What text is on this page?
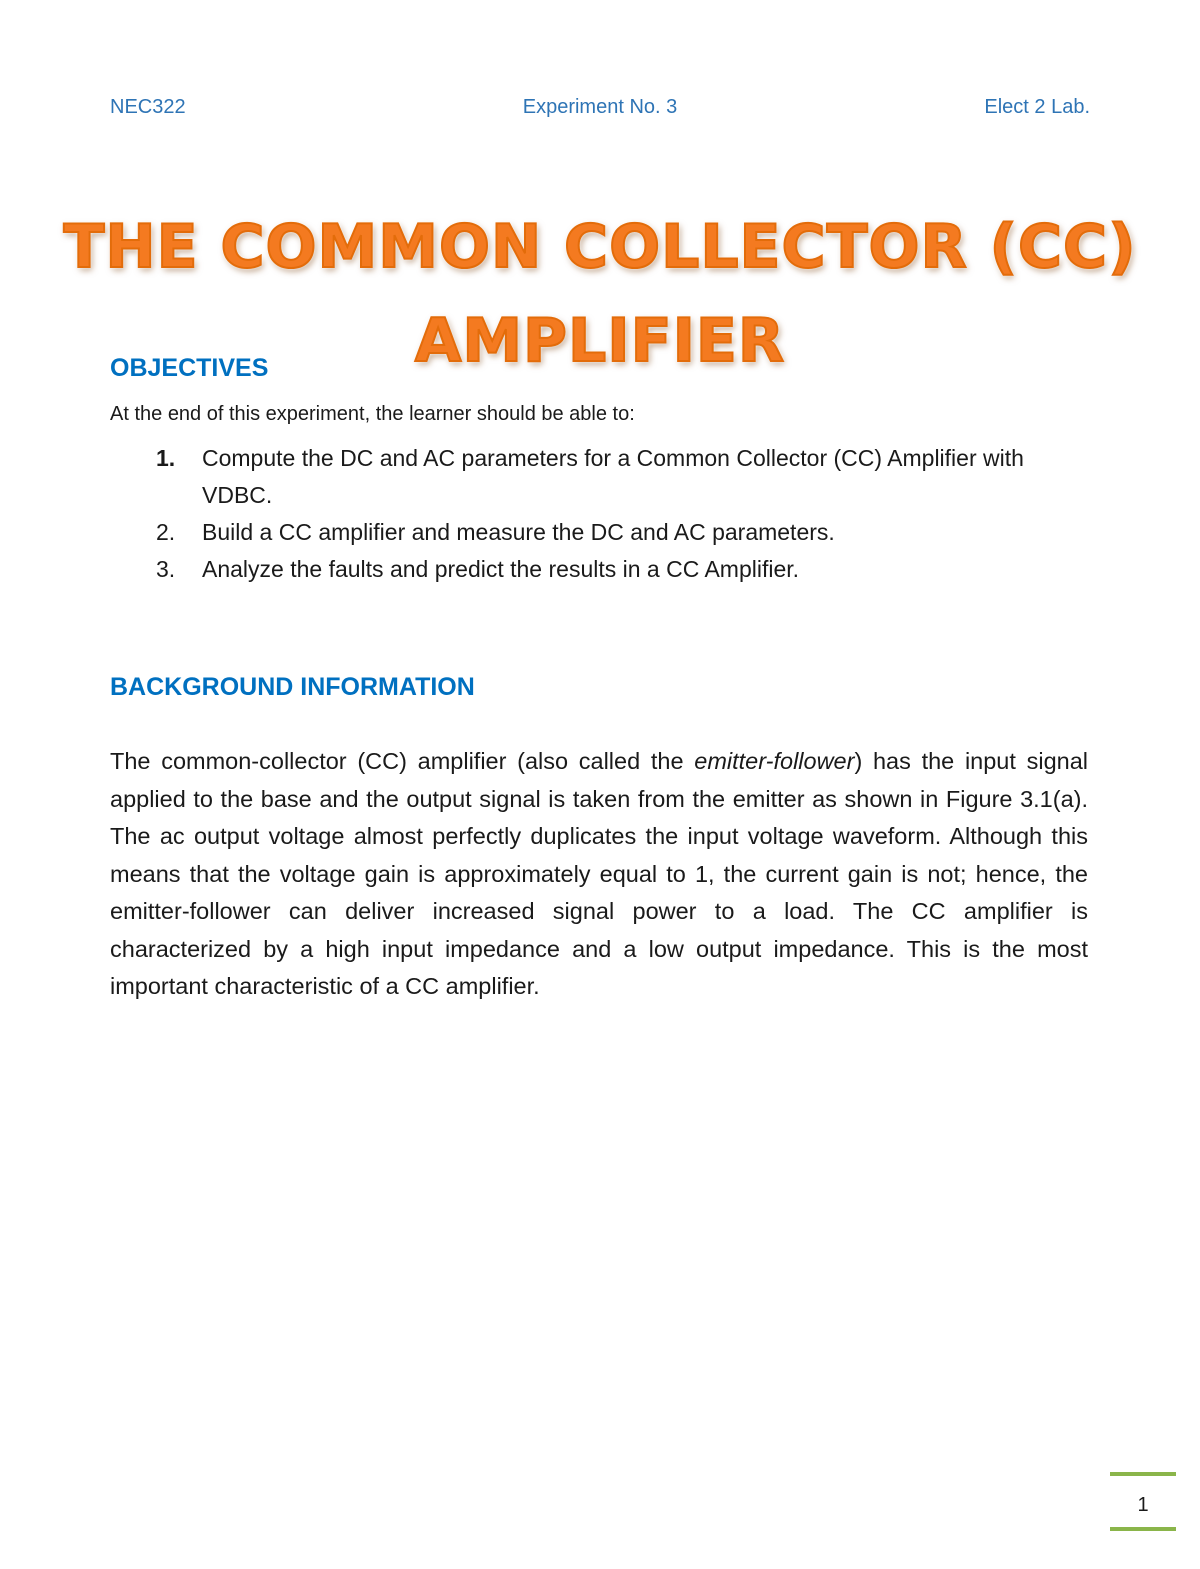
NEC322	Experiment No. 3	Elect 2 Lab.
THE COMMON COLLECTOR (CC)
AMPLIFIER
OBJECTIVES

At the end of this experiment, the learner should be able to:

1. Compute the DC and AC parameters for a Common Collector (CC) Amplifier with VDBC.
2. Build a CC amplifier and measure the DC and AC parameters.
3. Analyze the faults and predict the results in a CC Amplifier.
BACKGROUND INFORMATION

The common-collector (CC) amplifier (also called the emitter-follower) has the input signal applied to the base and the output signal is taken from the emitter as shown in Figure 3.1(a). The ac output voltage almost perfectly duplicates the input voltage waveform. Although this means that the voltage gain is approximately equal to 1, the current gain is not; hence, the emitter-follower can deliver increased signal power to a load. The CC amplifier is characterized by a high input impedance and a low output impedance. This is the most important characteristic of a CC amplifier.

1
